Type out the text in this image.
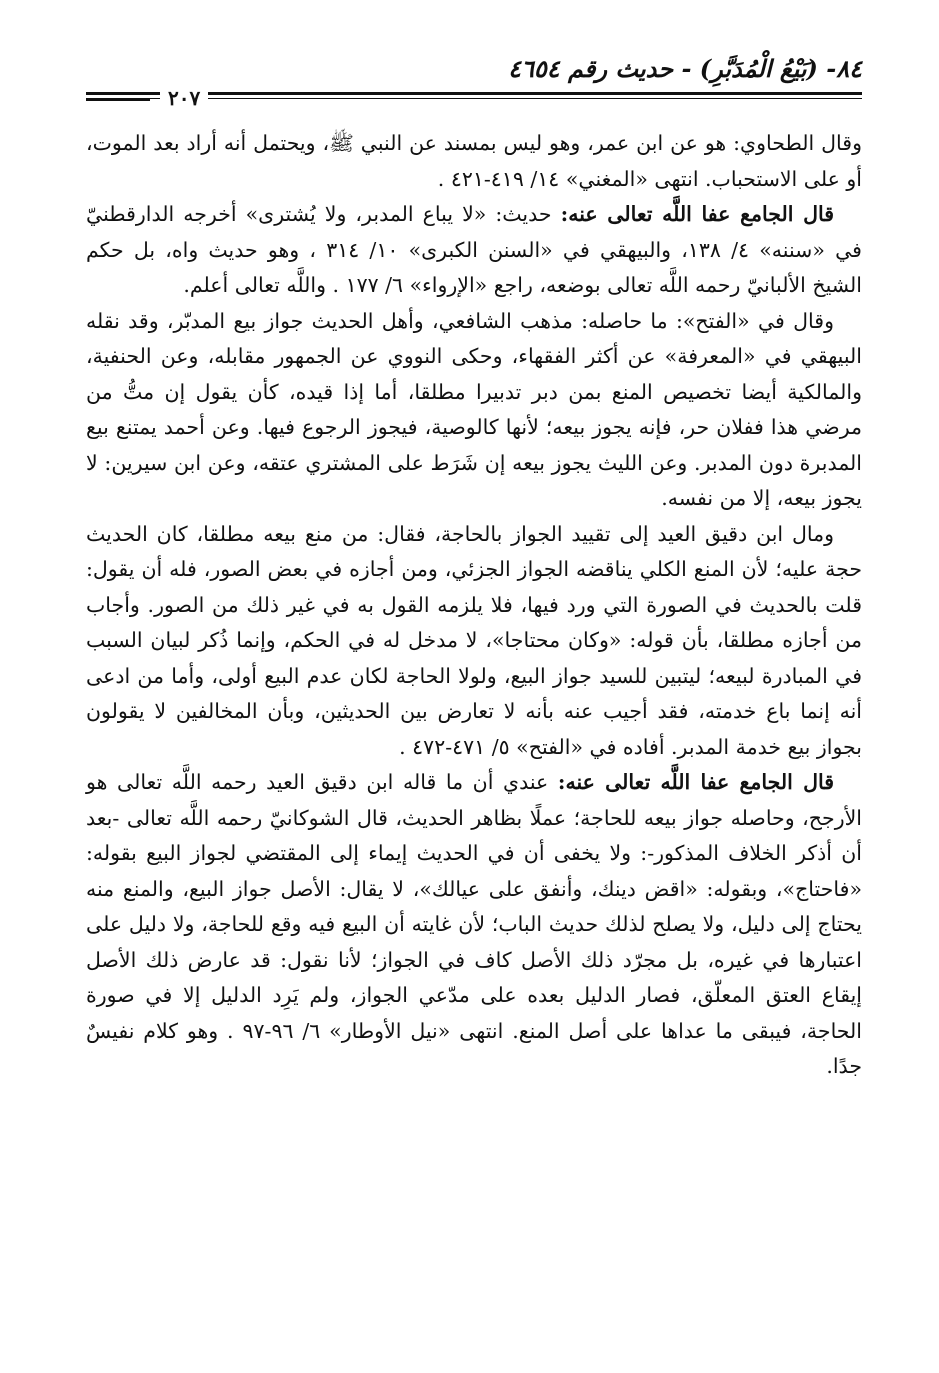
٨٤- (بَيْعُ الْمُدَبَّرِ) - حديث رقم ٤٦٥٤
٢٠٧

وقال الطحاوي: هو عن ابن عمر، وهو ليس بمسند عن النبي ﷺ، ويحتمل أنه أراد بعد الموت، أو على الاستحباب. انتهى «المغني» ١٤/ ٤١٩-٤٢١ .

قال الجامع عفا اللَّه تعالى عنه: حديث: «لا يباع المدبر، ولا يُشترى» أخرجه الدارقطنيّ في «سننه» ٤/ ١٣٨، والبيهقي في «السنن الكبرى» ١٠/ ٣١٤ ، وهو حديث واه، بل حكم الشيخ الألبانيّ رحمه اللَّه تعالى بوضعه، راجع «الإرواء» ٦/ ١٧٧ . واللَّه تعالى أعلم.

وقال في «الفتح»: ما حاصله: مذهب الشافعي، وأهل الحديث جواز بيع المدبّر، وقد نقله البيهقي في «المعرفة» عن أكثر الفقهاء، وحكى النووي عن الجمهور مقابله، وعن الحنفية، والمالكية أيضا تخصيص المنع بمن دبر تدبيرا مطلقا، أما إذا قيده، كأن يقول إن متُّ من مرضي هذا ففلان حر، فإنه يجوز بيعه؛ لأنها كالوصية، فيجوز الرجوع فيها. وعن أحمد يمتنع بيع المدبرة دون المدبر. وعن الليث يجوز بيعه إن شَرَط على المشتري عتقه، وعن ابن سيرين: لا يجوز بيعه، إلا من نفسه.

ومال ابن دقيق العيد إلى تقييد الجواز بالحاجة، فقال: من منع بيعه مطلقا، كان الحديث حجة عليه؛ لأن المنع الكلي يناقضه الجواز الجزئي، ومن أجازه في بعض الصور، فله أن يقول: قلت بالحديث في الصورة التي ورد فيها، فلا يلزمه القول به في غير ذلك من الصور. وأجاب من أجازه مطلقا، بأن قوله: «وكان محتاجا»، لا مدخل له في الحكم، وإنما ذُكر لبيان السبب في المبادرة لبيعه؛ ليتبين للسيد جواز البيع، ولولا الحاجة لكان عدم البيع أولى، وأما من ادعى أنه إنما باع خدمته، فقد أجيب عنه بأنه لا تعارض بين الحديثين، وبأن المخالفين لا يقولون بجواز بيع خدمة المدبر. أفاده في «الفتح» ٥/ ٤٧١-٤٧٢ .

قال الجامع عفا اللَّه تعالى عنه: عندي أن ما قاله ابن دقيق العيد رحمه اللَّه تعالى هو الأرجح، وحاصله جواز بيعه للحاجة؛ عملًا بظاهر الحديث، قال الشوكانيّ رحمه اللَّه تعالى -بعد أن أذكر الخلاف المذكور-: ولا يخفى أن في الحديث إيماء إلى المقتضي لجواز البيع بقوله: «فاحتاج»، وبقوله: «اقض دينك، وأنفق على عيالك»، لا يقال: الأصل جواز البيع، والمنع منه يحتاج إلى دليل، ولا يصلح لذلك حديث الباب؛ لأن غايته أن البيع فيه وقع للحاجة، ولا دليل على اعتبارها في غيره، بل مجرّد ذلك الأصل كاف في الجواز؛ لأنا نقول: قد عارض ذلك الأصل إيقاع العتق المعلّق، فصار الدليل بعده على مدّعي الجواز، ولم يَرِد الدليل إلا في صورة الحاجة، فيبقى ما عداها على أصل المنع. انتهى «نيل الأوطار» ٦/ ٩٦-٩٧ . وهو كلام نفيسٌ جدًا.
